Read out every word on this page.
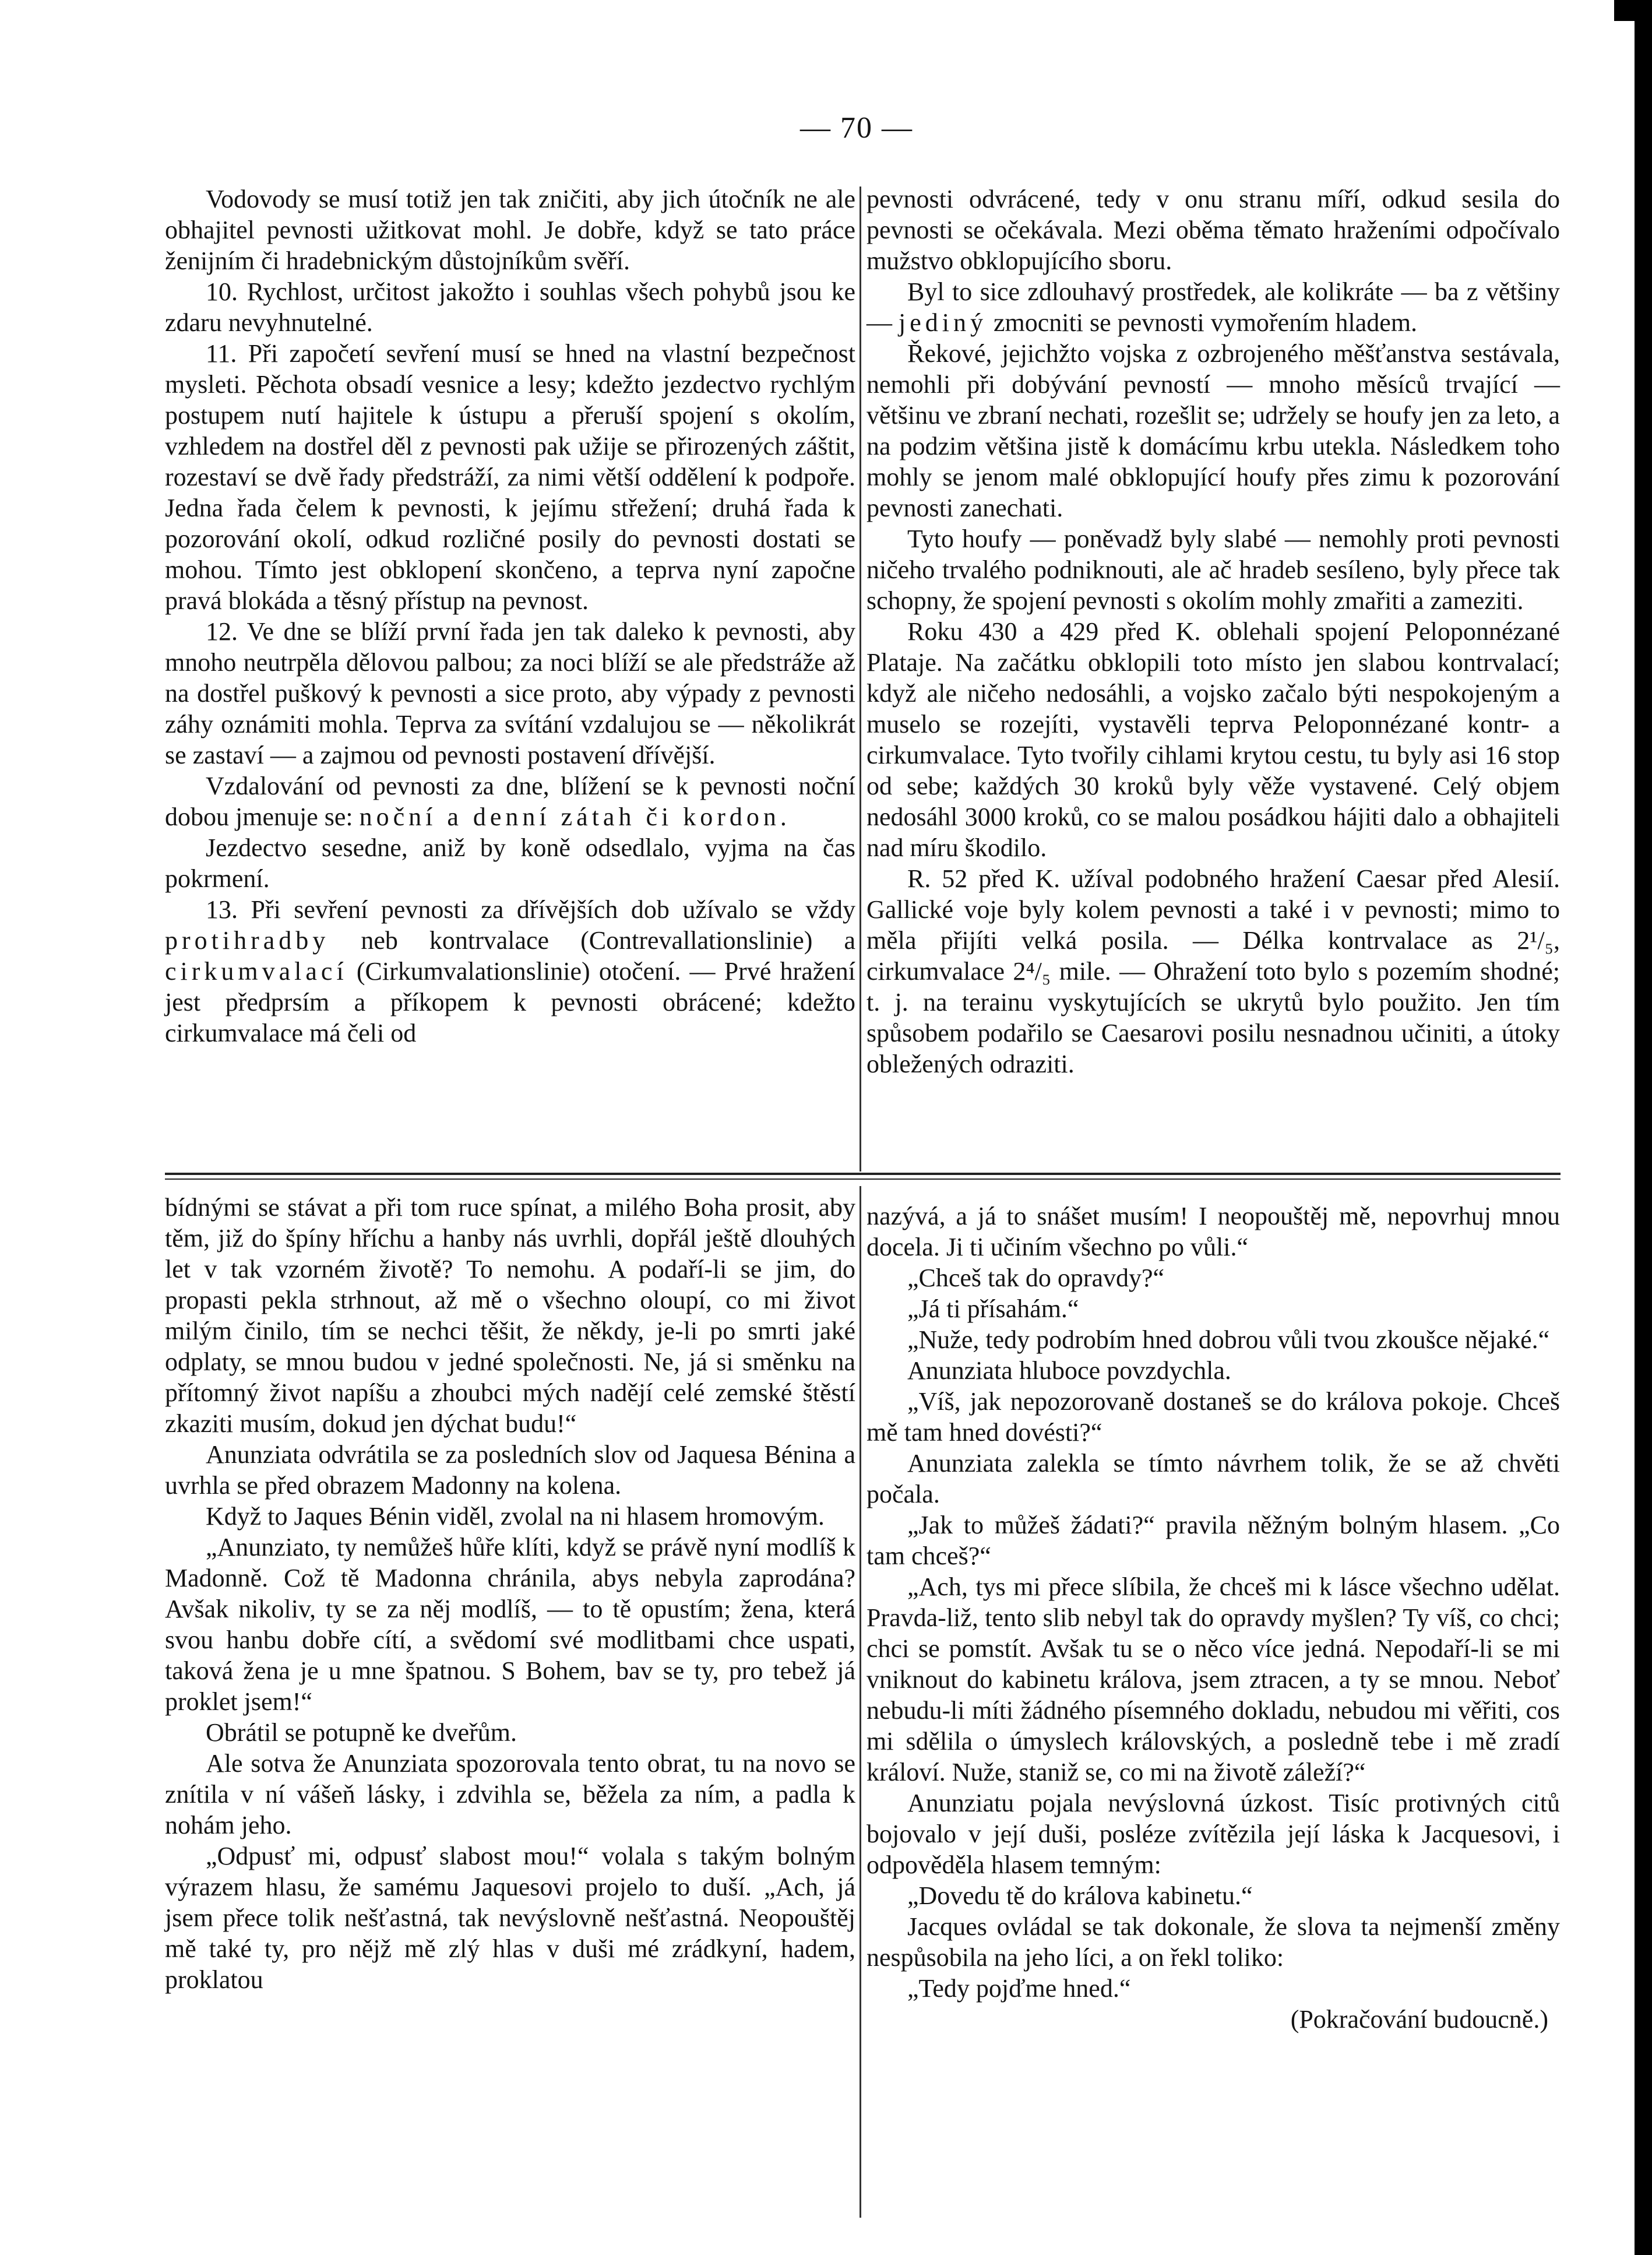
— 70 —

Vodovody se musí totiž jen tak zničiti, aby jich útočník ne ale obhajitel pevnosti užitkovat mohl. Je dobře, když se tato práce ženijním či hradebnickým důstojníkům svěří.

10. Rychlost, určitost jakožto i souhlas všech pohybů jsou ke zdaru nevyhnutelné.

11. Při započetí sevření musí se hned na vlastní bezpečnost mysleti. Pěchota obsadí vesnice a lesy; kdežto jezdectvo rychlým postupem nutí hajitele k ústupu a přeruší spojení s okolím, vzhledem na dostřel děl z pevnosti pak užije se přirozených záštit, rozestaví se dvě řady předstráží, za nimi větší oddělení k podpoře. Jedna řada čelem k pevnosti, k jejímu střežení; druhá řada k pozorování okolí, odkud rozličné posily do pevnosti dostati se mohou. Tímto jest obklopení skončeno, a teprva nyní započne pravá blokáda a těsný přístup na pevnost.

12. Ve dne se blíží první řada jen tak daleko k pevnosti, aby mnoho neutrpěla dělovou palbou; za noci blíží se ale předstráže až na dostřel puškový k pevnosti a sice proto, aby výpady z pevnosti záhy oznámiti mohla. Teprva za svítání vzdalujou se — několikrát se zastaví — a zajmou od pevnosti postavení dřívější.

Vzdalování od pevnosti za dne, blížení se k pevnosti noční dobou jmenuje se: noční a denní zátah či kordon.

Jezdectvo sesedne, aniž by koně odsedlalo, vyjma na čas pokrmení.

13. Při sevření pevnosti za dřívějších dob užívalo se vždy protihradby neb kontrvalace (Contrevallationslinie) a cirkumvalací (Cirkumvalationslinie) otočení. — Prvé hražení jest předprsím a příkopem k pevnosti obrácené; kdežto cirkumvalace má čeli od

pevnosti odvrácené, tedy v onu stranu míří, odkud sesila do pevnosti se očekávala. Mezi oběma těmato hraženími odpočívalo mužstvo obklopujícího sboru.

Byl to sice zdlouhavý prostředek, ale kolikráte — ba z většiny — jediný zmocniti se pevnosti vymořením hladem.

Řekové, jejichžto vojska z ozbrojeného měšťanstva sestávala, nemohli při dobývání pevností — mnoho měsíců trvající — většinu ve zbraní nechati, rozešlit se; udržely se houfy jen za leto, a na podzim většina jistě k domácímu krbu utekla. Následkem toho mohly se jenom malé obklopující houfy přes zimu k pozorování pevnosti zanechati.

Tyto houfy — poněvadž byly slabé — nemohly proti pevnosti ničeho trvalého podniknouti, ale ač hradeb sesíleno, byly přece tak schopny, že spojení pevnosti s okolím mohly zmařiti a zameziti.

Roku 430 a 429 před K. oblehali spojení Peloponnézané Plataje. Na začátku obklopili toto místo jen slabou kontrvalací; když ale ničeho nedosáhli, a vojsko začalo býti nespokojeným a muselo se rozejíti, vystavěli teprva Peloponnézané kontr- a cirkumvalace. Tyto tvořily cihlami krytou cestu, tu byly asi 16 stop od sebe; každých 30 kroků byly věže vystavené. Celý objem nedosáhl 3000 kroků, co se malou posádkou hájiti dalo a obhajiteli nad míru škodilo.

R. 52 před K. užíval podobného hražení Caesar před Alesií. Gallické voje byly kolem pevnosti a také i v pevnosti; mimo to měla přijíti velká posila. — Délka kontrvalace as 2¹/₅, cirkumvalace 2⁴/₅ mile. — Ohražení toto bylo s pozemím shodné; t. j. na terainu vyskytujících se ukrytů bylo použito. Jen tím spůsobem podařilo se Caesarovi posilu nesnadnou učiniti, a útoky obležených odraziti.

bídnými se stávat a při tom ruce spínat, a milého Boha prosit, aby těm, již do špíny hříchu a hanby nás uvrhli, dopřál ještě dlouhých let v tak vzorném životě? To nemohu. A podaří-li se jim, do propasti pekla strhnout, až mě o všechno oloupí, co mi život milým činilo, tím se nechci těšit, že někdy, je-li po smrti jaké odplaty, se mnou budou v jedné společnosti. Ne, já si směnku na přítomný život napíšu a zhoubci mých nadějí celé zemské štěstí zkaziti musím, dokud jen dýchat budu!“

Anunziata odvrátila se za posledních slov od Jaquesa Bénina a uvrhla se před obrazem Madonny na kolena.

Když to Jaques Bénin viděl, zvolal na ni hlasem hromovým.

„Anunziato, ty nemůžeš hůře klíti, když se právě nyní modlíš k Madonně. Což tě Madonna chránila, abys nebyla zaprodána? Avšak nikoliv, ty se za něj modlíš, — to tě opustím; žena, která svou hanbu dobře cítí, a svědomí své modlitbami chce uspati, taková žena je u mne špatnou. S Bohem, bav se ty, pro tebež já proklet jsem!“

Obrátil se potupně ke dveřům.

Ale sotva že Anunziata spozorovala tento obrat, tu na novo se znítila v ní vášeň lásky, i zdvihla se, běžela za ním, a padla k nohám jeho.

„Odpusť mi, odpusť slabost mou!“ volala s takým bolným výrazem hlasu, že samému Jaquesovi projelo to duší. „Ach, já jsem přece tolik nešťastná, tak nevýslovně nešťastná. Neopouštěj mě také ty, pro nějž mě zlý hlas v duši mé zrádkyní, hadem, proklatou

nazývá, a já to snášet musím! I neopouštěj mě, nepovrhuj mnou docela. Ji ti učiním všechno po vůli.“

„Chceš tak do opravdy?“

„Já ti přísahám.“

„Nuže, tedy podrobím hned dobrou vůli tvou zkoušce nějaké.“

Anunziata hluboce povzdychla.

„Víš, jak nepozorovaně dostaneš se do králova pokoje. Chceš mě tam hned dovésti?“

Anunziata zalekla se tímto návrhem tolik, že se až chvěti počala.

„Jak to můžeš žádati?“ pravila něžným bolným hlasem. „Co tam chceš?“

„Ach, tys mi přece slíbila, že chceš mi k lásce všechno udělat. Pravda-liž, tento slib nebyl tak do opravdy myšlen? Ty víš, co chci; chci se pomstít. Avšak tu se o něco více jedná. Nepodaří-li se mi vniknout do kabinetu králova, jsem ztracen, a ty se mnou. Neboť nebudu-li míti žádného písemného dokladu, nebudou mi věřiti, cos mi sdělila o úmyslech královských, a posledně tebe i mě zradí královí. Nuže, staniž se, co mi na životě záleží?“

Anunziatu pojala nevýslovná úzkost. Tisíc protivných citů bojovalo v její duši, posléze zvítězila její láska k Jacquesovi, i odpověděla hlasem temným:

„Dovedu tě do králova kabinetu.“

Jacques ovládal se tak dokonale, že slova ta nejmenší změny nespůsobila na jeho líci, a on řekl toliko:

„Tedy pojďme hned.“

(Pokračování budoucně.)
